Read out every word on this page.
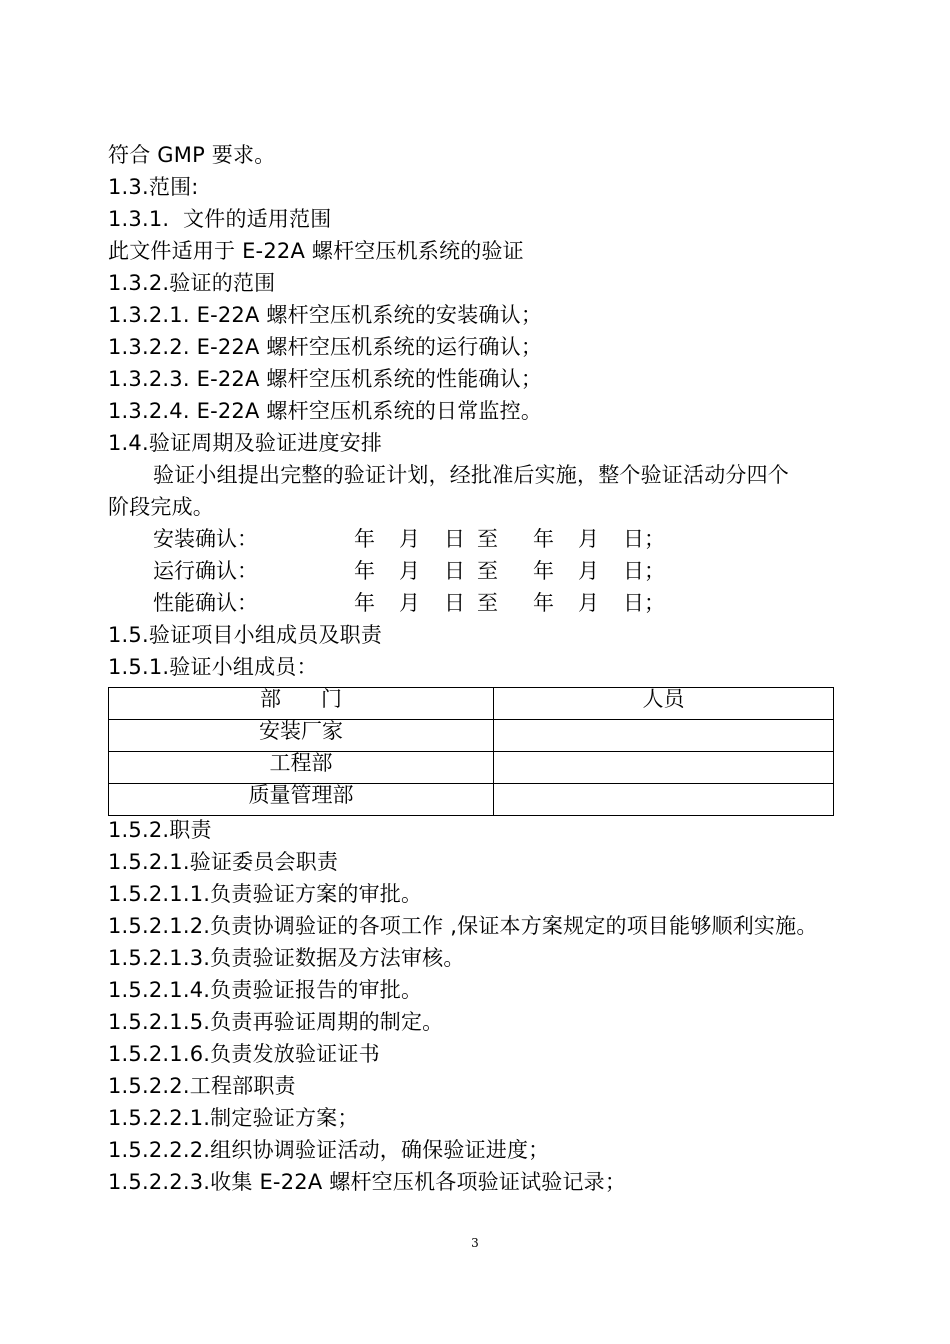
符合 GMP 要求。
1.3.范围:
1.3.1.  文件的适用范围
此文件适用于 E-22A 螺杆空压机系统的验证
1.3.2.验证的范围
1.3.2.1. E-22A 螺杆空压机系统的安装确认；
1.3.2.2. E-22A 螺杆空压机系统的运行确认；
1.3.2.3. E-22A 螺杆空压机系统的性能确认；
1.3.2.4. E-22A 螺杆空压机系统的日常监控。
1.4.验证周期及验证进度安排
验证小组提出完整的验证计划，经批准后实施，整个验证活动分四个
阶段完成。
安装确认：	年 月 日 至 年 月 日；
运行确认：	年 月 日 至 年 月 日；
性能确认：	年 月 日 至 年 月 日；
1.5.验证项目小组成员及职责
1.5.1.验证小组成员：
部      门	人员
安装厂家	
工程部	
质量管理部	
1.5.2.职责
1.5.2.1.验证委员会职责
1.5.2.1.1.负责验证方案的审批。
1.5.2.1.2.负责协调验证的各项工作 ,保证本方案规定的项目能够顺利实施。
1.5.2.1.3.负责验证数据及方法审核。
1.5.2.1.4.负责验证报告的审批。
1.5.2.1.5.负责再验证周期的制定。
1.5.2.1.6.负责发放验证证书
1.5.2.2.工程部职责
1.5.2.2.1.制定验证方案；
1.5.2.2.2.组织协调验证活动，确保验证进度；
1.5.2.2.3.收集 E-22A 螺杆空压机各项验证试验记录；
3
